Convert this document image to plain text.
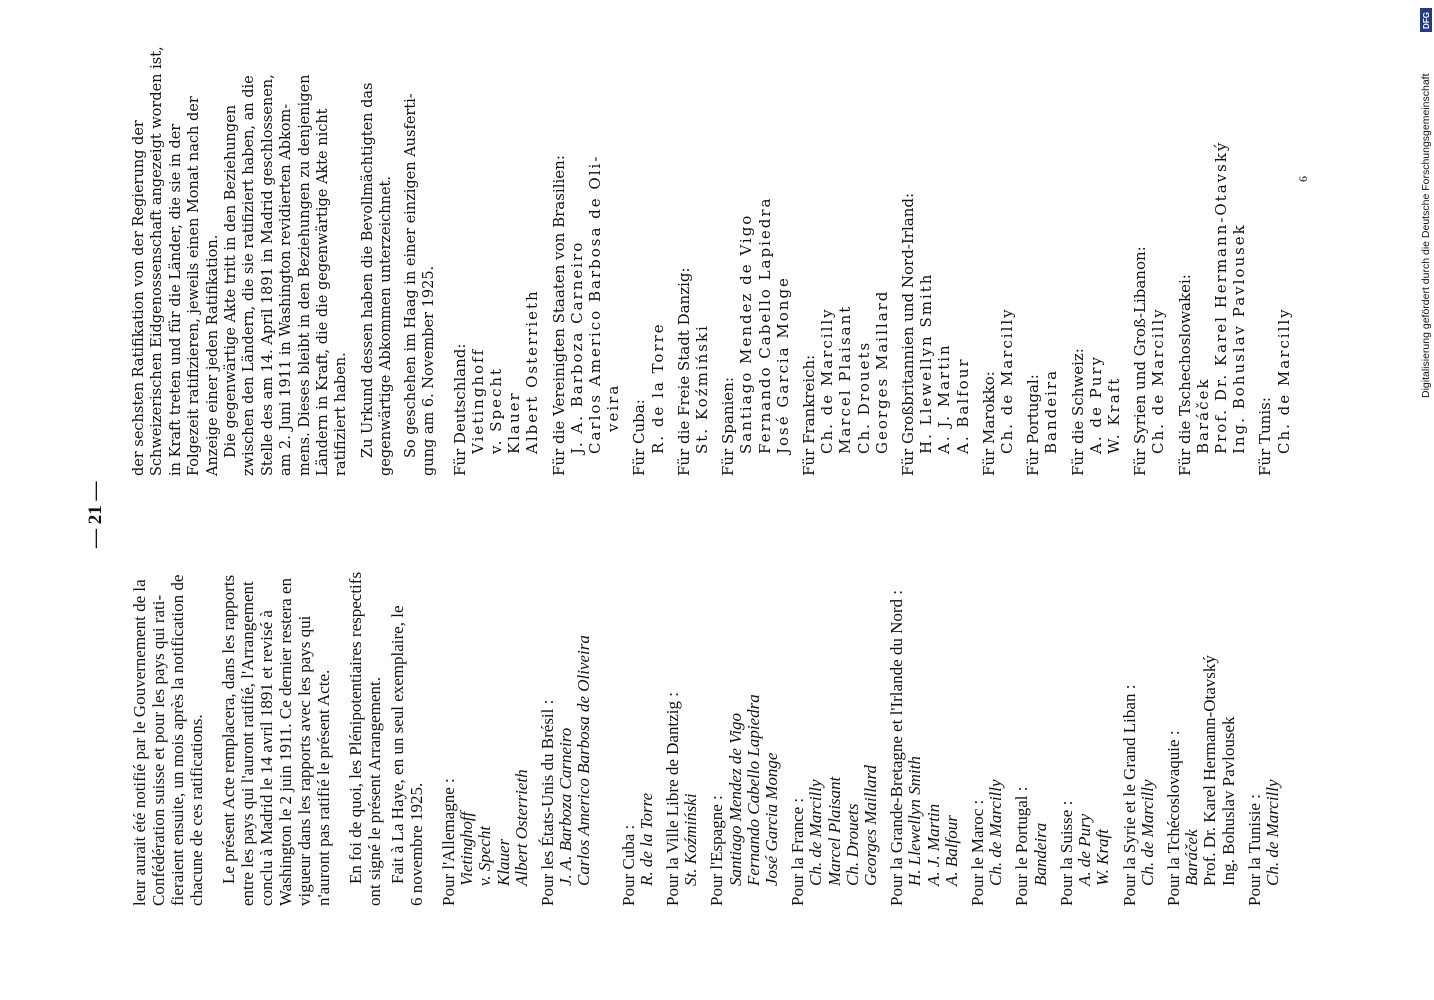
— 21 —
leur aurait été notifié par le Gouvernement de la Confédération suisse et pour les pays qui rati- fieraient ensuite, un mois après la notification de chacune de ces ratifications. Le présent Acte remplacera, dans les rapports entre les pays qui l'auront ratifié, l'Arrangement conclu à Madrid le 14 avril 1891 et revisé à Washington le 2 juin 1911. Ce dernier restera en vigueur dans les rapports avec les pays qui n'auront pas ratifié le présent Acte. En foi de quoi, les Plénipotentiaires respectifs ont signé le présent Arrangement. Fait à La Haye, en un seul exemplaire, le 6 novembre 1925. Pour l'Allemagne : Vietinghoff v. Specht Klauer Albert Osterrieth Pour les États-Unis du Brésil : J. A. Barboza Carneiro Carlos Americo Barbosa de Oliveira Pour Cuba : R. de la Torre Pour la Ville Libre de Dantzig : St. Koźmiński Pour l'Espagne : Santiago Mendez de Vigo Fernando Cabello Lapiedra José Garcia Monge Pour la France : Ch. de Marcilly Marcel Plaisant Ch. Drouets Georges Maillard Pour la Grande-Bretagne et l'Irlande du Nord : H. Llewellyn Smith A. J. Martin A. Balfour Pour le Maroc : Ch. de Marcilly Pour le Portugal : Bandeira Pour la Suisse : A. de Pury W. Kraft Pour la Syrie et le Grand Liban : Ch. de Marcilly Pour la Tchécoslovaquie : Baráček Prof. Dr. Karel Hermann-Otavský Ing. Bohuslav Pavlousek Pour la Tunisie : Ch. de Marcilly
der sechsten Ratifikation von der Regierung der Schweizerischen Eidgenossenschaft angezeigt worden ist, in Kraft treten und für die Länder, die sie in der Folgezeit ratifizieren, jeweils einen Monat nach der Anzeige einer jeden Ratifikation. Die gegenwärtige Akte tritt in den Beziehungen zwischen den Ländern, die sie ratifiziert haben, an die Stelle des am 14. April 1891 in Madrid geschlossenen, am 2. Juni 1911 in Washington revidierten Abkom- mens. Dieses bleibt in den Beziehungen zu denjenigen Ländern in Kraft, die die gegenwärtige Akte nicht ratifiziert haben. Zu Urkund dessen haben die Bevollmächtigten das gegenwärtige Abkommen unterzeichnet. So geschehen im Haag in einer einzigen Ausferti- gung am 6. November 1925. Für Deutschland: Vietinghoff v. Specht Klauer Albert Osterrieth Für die Vereinigten Staaten von Brasilien: J. A. Barboza Carneiro Carlos Americo Barbosa de Oli- veira Für Cuba: R. de la Torre Für die Freie Stadt Danzig: St. Koźmiński Für Spanien: Santiago Mendez de Vigo Fernando Cabello Lapiedra José Garcia Monge Für Frankreich: Ch. de Marcilly Marcel Plaisant Ch. Drouets Georges Maillard Für Großbritannien und Nord-Irland: H. Llewellyn Smith A. J. Martin A. Balfour Für Marokko: Ch. de Marcilly Für Portugal: Bandeira Für die Schweiz: A. de Pury W. Kraft Für Syrien und Groß-Libanon: Ch. de Marcilly Für die Tschechoslowakei: Baráček Prof. Dr. Karel Hermann-Otavský Ing. Bohuslav Pavlousek Für Tunis: Ch. de Marcilly
6
DFG
Digitalisierung gefördert durch die Deutsche Forschungsgemeinschaft
